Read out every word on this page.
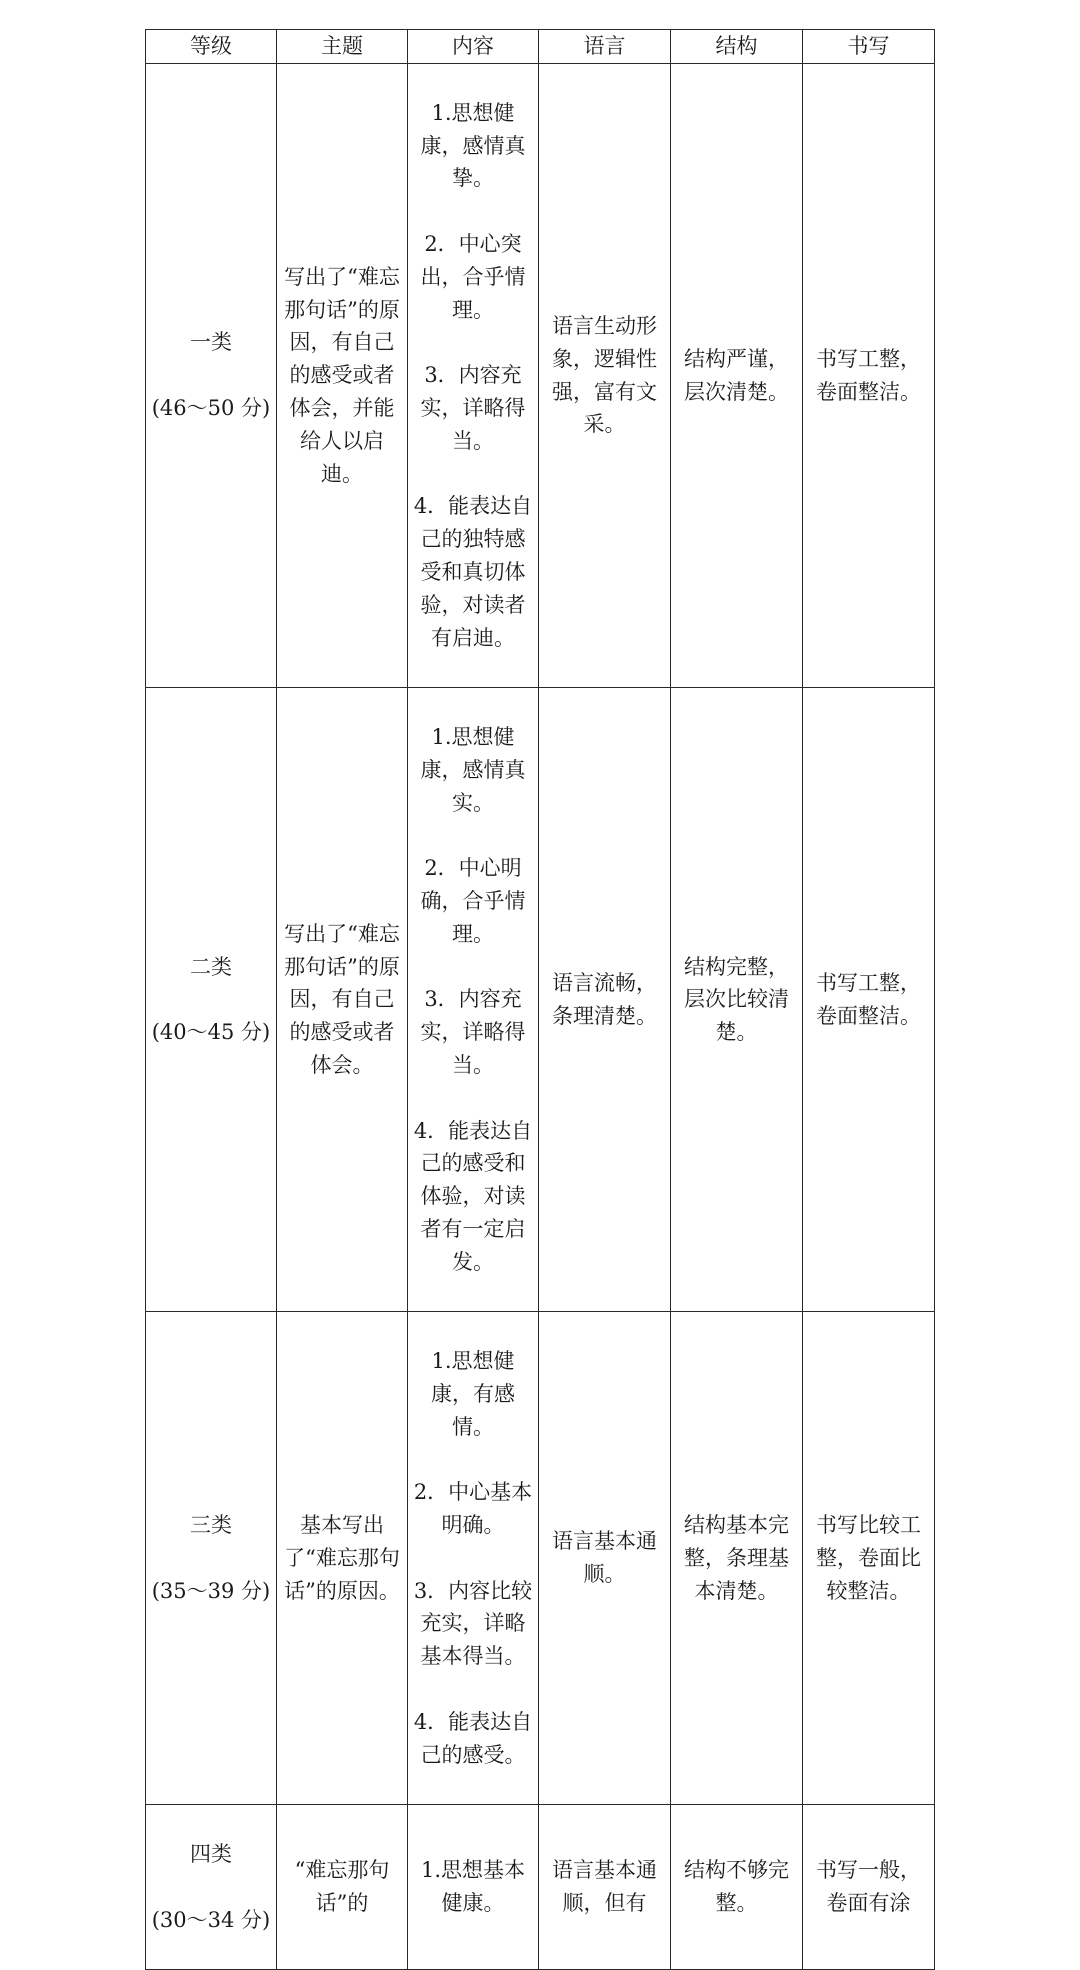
等级	主题	内容	语言	结构	书写

一类

(46～50 分)	写出了“难忘那句话”的原因，有自己的感受或者体会，并能给人以启迪。	1.思想健康，感情真挚。

2．中心突出，合乎情理。

3．内容充实，详略得当。

4．能表达自己的独特感受和真切体验，对读者有启迪。	语言生动形象，逻辑性强，富有文采。	结构严谨，层次清楚。	书写工整，卷面整洁。

二类

(40～45 分)	写出了“难忘那句话”的原因，有自己的感受或者体会。	1.思想健康，感情真实。

2．中心明确，合乎情理。

3．内容充实，详略得当。

4．能表达自己的感受和体验，对读者有一定启发。	语言流畅，条理清楚。	结构完整，层次比较清楚。	书写工整，卷面整洁。

三类

(35～39 分)	基本写出了“难忘那句话”的原因。	1.思想健康，有感情。

2．中心基本明确。

3．内容比较充实，详略基本得当。

4．能表达自己的感受。	语言基本通顺。	结构基本完整，条理基本清楚。	书写比较工整，卷面比较整洁。

四类

(30～34 分)	“难忘那句话”的	1.思想基本健康。	语言基本通顺，但有	结构不够完整。	书写一般，卷面有涂
